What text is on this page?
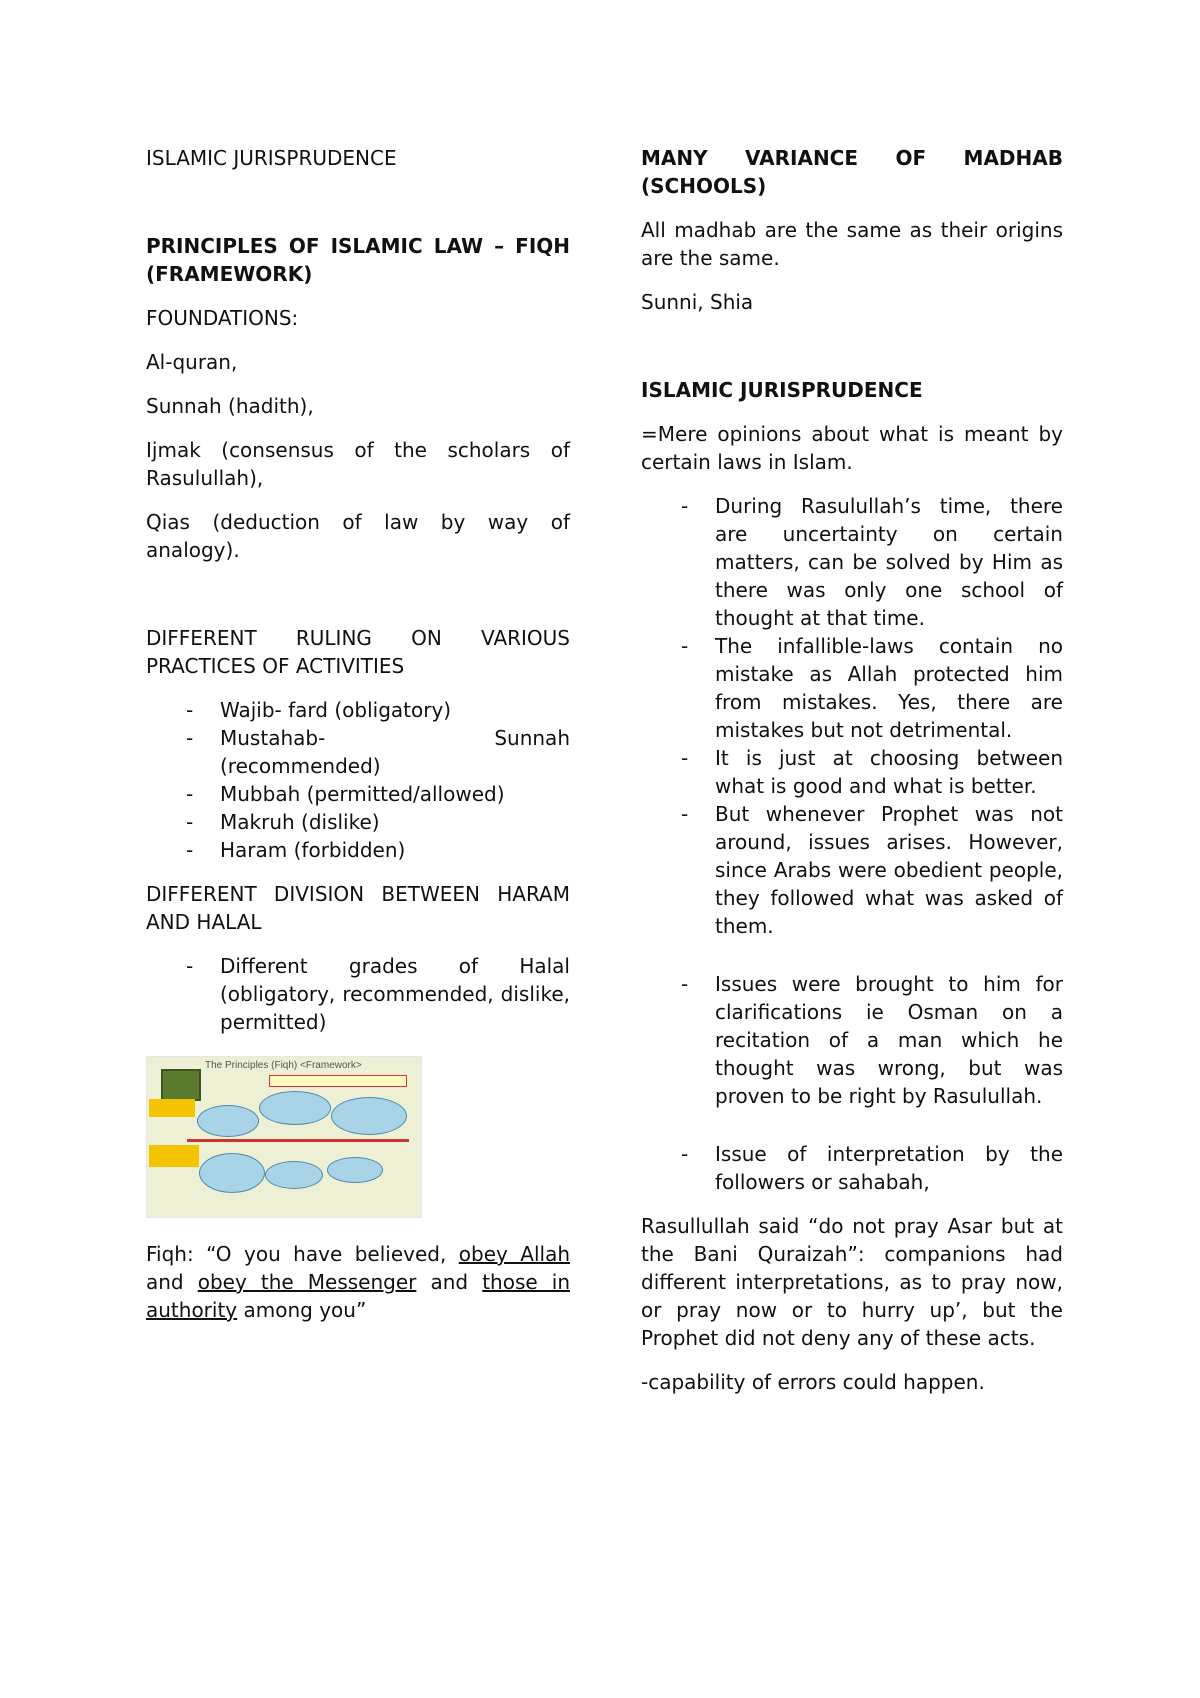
ISLAMIC JURISPRUDENCE

PRINCIPLES OF ISLAMIC LAW – FIQH (FRAMEWORK)

FOUNDATIONS:

Al-quran,

Sunnah (hadith),

Ijmak (consensus of the scholars of Rasulullah),

Qias (deduction of law by way of analogy).

DIFFERENT RULING ON VARIOUS PRACTICES OF ACTIVITIES

- Wajib- fard (obligatory)
- Mustahab- Sunnah (recommended)
- Mubbah (permitted/allowed)
- Makruh (dislike)
- Haram (forbidden)

DIFFERENT DIVISION BETWEEN HARAM AND HALAL

- Different grades of Halal (obligatory, recommended, dislike, permitted)
The Principles (Fiqh) <Framework>

Fiqh: “O you have believed, obey Allah and obey the Messenger and those in authority among you”

MANY VARIANCE OF MADHAB (SCHOOLS)

All madhab are the same as their origins are the same.

Sunni, Shia

ISLAMIC JURISPRUDENCE

=Mere opinions about what is meant by certain laws in Islam.

- During Rasulullah’s time, there are uncertainty on certain matters, can be solved by Him as there was only one school of thought at that time.
- The infallible-laws contain no mistake as Allah protected him from mistakes. Yes, there are mistakes but not detrimental.
- It is just at choosing between what is good and what is better.
- But whenever Prophet was not around, issues arises. However, since Arabs were obedient people, they followed what was asked of them.
- Issues were brought to him for clarifications ie Osman on a recitation of a man which he thought was wrong, but was proven to be right by Rasulullah.
- Issue of interpretation by the followers or sahabah,

Rasullullah said “do not pray Asar but at the Bani Quraizah”: companions had different interpretations, as to pray now, or pray now or to hurry up’, but the Prophet did not deny any of these acts.

-capability of errors could happen.
